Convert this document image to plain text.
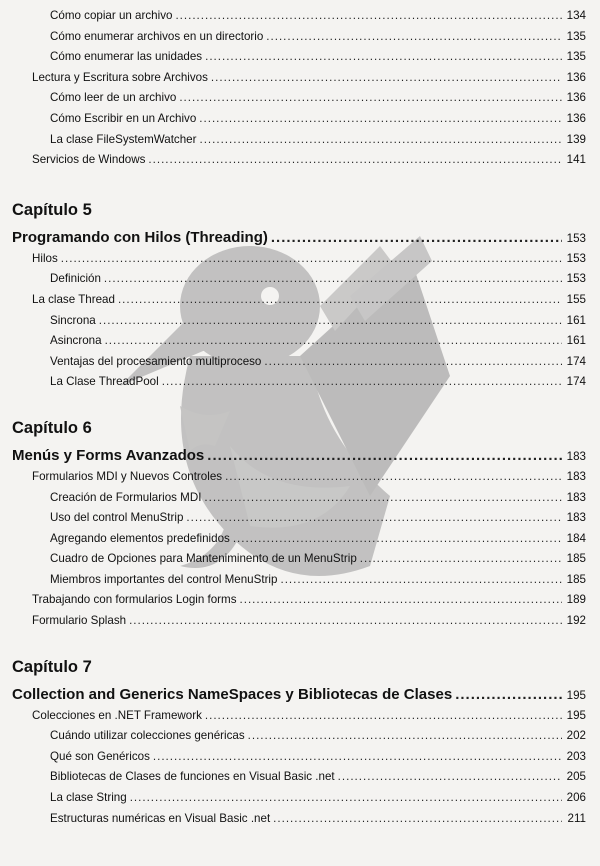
Cómo copiar un archivo .....	134
Cómo enumerar archivos en un directorio .....	135
Cómo enumerar las unidades .....	135
Lectura y Escritura sobre Archivos .....	136
Cómo leer de un archivo .....	136
Cómo Escribir en un Archivo .....	136
La clase FileSystemWatcher .....	139
Servicios de Windows .....	141
Capítulo 5
Programando con Hilos (Threading) .....	153
Hilos .....	153
Definición .....	153
La clase Thread .....	155
Sincrona .....	161
Asincrona .....	161
Ventajas del procesamiento multiproceso .....	174
La Clase ThreadPool .....	174
Capítulo 6
Menús y Forms Avanzados .....	183
Formularios MDI y Nuevos Controles .....	183
Creación de Formularios MDI .....	183
Uso del control MenuStrip .....	183
Agregando elementos predefinidos .....	184
Cuadro de Opciones para Manteniminento de un MenuStrip .....	185
Miembros importantes del control MenuStrip .....	185
Trabajando con formularios Login forms .....	189
Formulario Splash .....	192
Capítulo 7
Collection and Generics NameSpaces y Bibliotecas de Clases .....	195
Colecciones en .NET Framework .....	195
Cuándo utilizar colecciones genéricas .....	202
Qué son Genéricos .....	203
Bibliotecas de Clases de funciones en Visual Basic .net .....	205
La clase String .....	206
Estructuras numéricas en Visual Basic .net .....	211
